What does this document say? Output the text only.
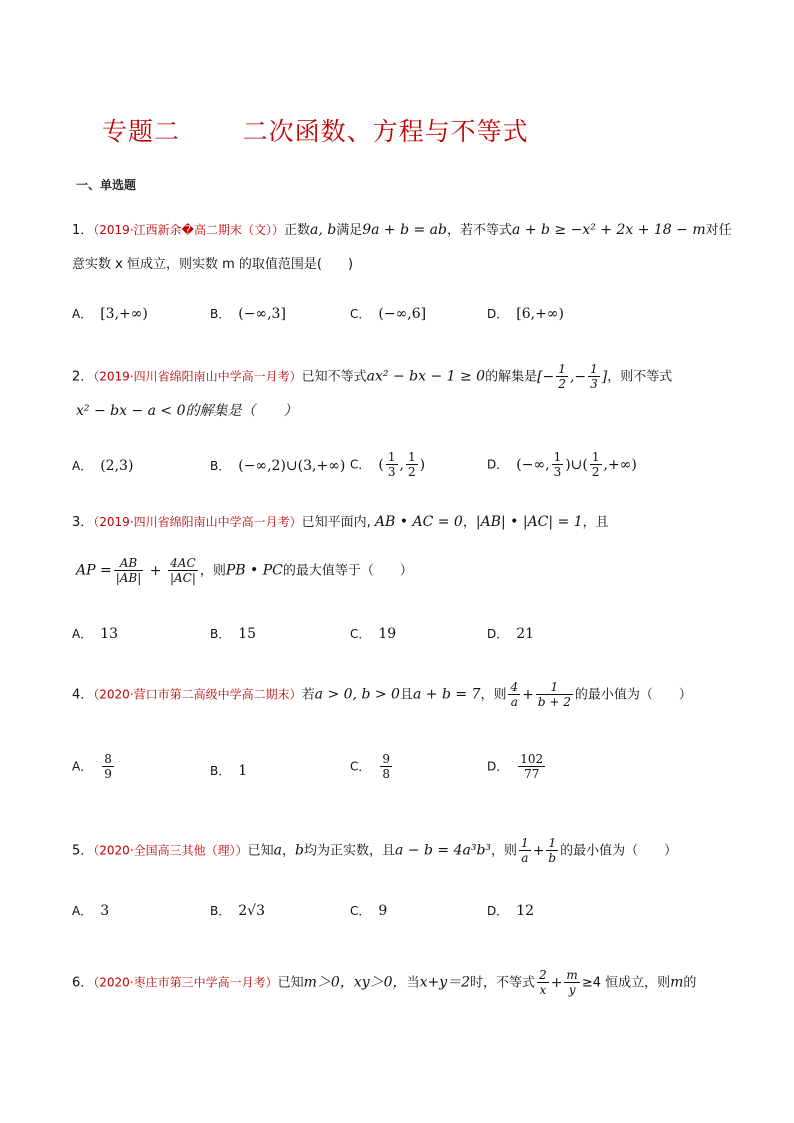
专题二       二次函数、方程与不等式
一、单选题
1．（2019·江西新余�高二期末（文））正数a, b满足9a + b = ab，若不等式a + b ≥ −x² + 2x + 18 − m对任
意实数 x 恒成立，则实数 m 的取值范围是(　　)
A． [3,+∞)	B． (−∞,3]	C． (−∞,6]	D． [6,+∞)
2．（2019·四川省绵阳南山中学高一月考）已知不等式ax² − bx − 1 ≥ 0的解集是[− $\frac{1}{2}$ ,− $\frac{1}{3}$ ]，则不等式
x² − bx − a < 0的解集是（　　）
A． (2,3)	B． (−∞,2)∪(3,+∞) C． ( $\frac{1}{3}$ , $\frac{1}{2}$ )	D． (−∞, $\frac{1}{3}$ )∪( $\frac{1}{2}$ ,+∞)
3．（2019·四川省绵阳南山中学高一月考）已知平面内, AB • AC = 0，|AB| • |AC| = 1，且
AP = $\frac{AB}{|AB|} + \frac{4AC}{|AC|}$ ，则PB • PC的最大值等于（　　）
A． 13	B． 15	C． 19	D． 21
4．（2020·营口市第二高级中学高二期末）若a > 0, b > 0且a + b = 7，则 $\frac{4}{a} + \frac{1}{b + 2}$ 的最小值为（　　）
A． $\frac{8}{9}$	B． 1	C． $\frac{9}{8}$	D． $\frac{102}{77}$
5．（2020·全国高三其他（理））已知a，b均为正实数，且a − b = 4a³b³，则 $\frac{1}{a} + \frac{1}{b}$ 的最小值为（　　）
A． 3	B． 2√3	C． 9	D． 12
6．（2020·枣庄市第三中学高一月考）已知m＞0，xy＞0，当x+y＝2时，不等式 $\frac{2}{x} + \frac{m}{y} \ge 4$ 恒成立，则m的
